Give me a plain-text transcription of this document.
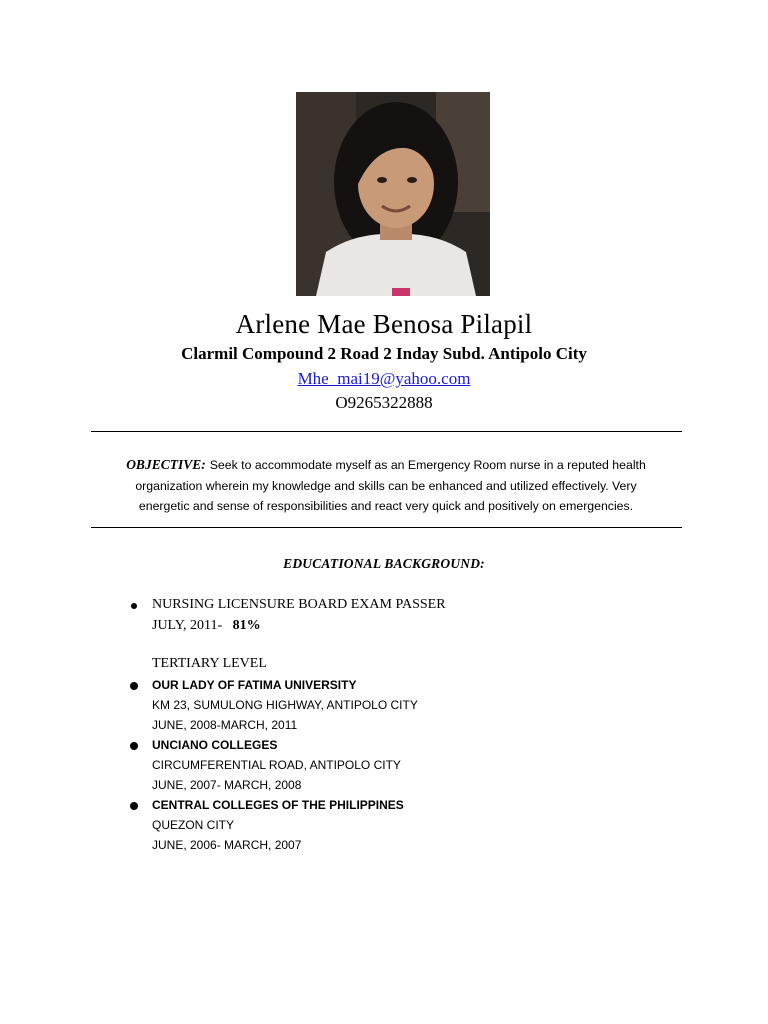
Arlene Mae Benosa Pilapil
Clarmil Compound 2 Road 2 Inday Subd. Antipolo City
Mhe_mai19@yahoo.com
O9265322888
OBJECTIVE: Seek to accommodate myself as an Emergency Room nurse in a reputed health organization wherein my knowledge and skills can be enhanced and utilized effectively. Very energetic and sense of responsibilities and react very quick and positively on emergencies.
EDUCATIONAL BACKGROUND:
NURSING LICENSURE BOARD EXAM PASSER
JULY, 2011- 81%
TERTIARY LEVEL
OUR LADY OF FATIMA UNIVERSITY
KM 23, SUMULONG HIGHWAY, ANTIPOLO CITY
JUNE, 2008-MARCH, 2011
UNCIANO COLLEGES
CIRCUMFERENTIAL ROAD, ANTIPOLO CITY
JUNE, 2007- MARCH, 2008
CENTRAL COLLEGES OF THE PHILIPPINES
QUEZON CITY
JUNE, 2006- MARCH, 2007
